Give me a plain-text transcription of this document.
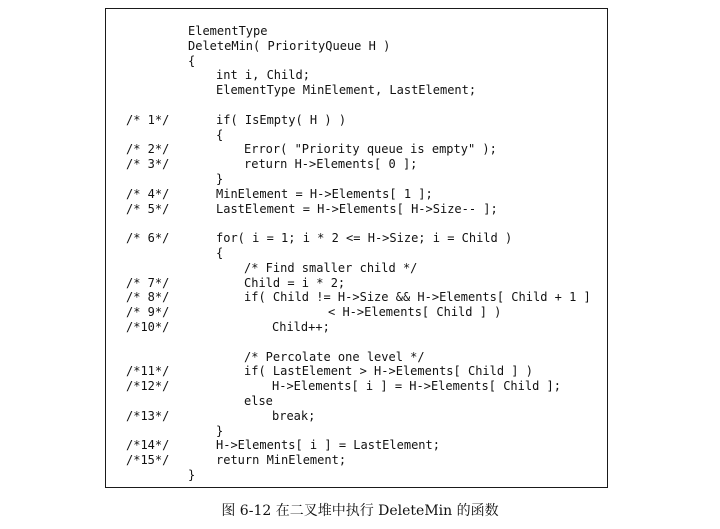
ElementType
DeleteMin( PriorityQueue H )
{
int i, Child;
ElementType MinElement, LastElement;
/* 1*/	if( IsEmpty( H ) )
{
/* 2*/	Error( "Priority queue is empty" );
/* 3*/	return H->Elements[ 0 ];
}
/* 4*/	MinElement = H->Elements[ 1 ];
/* 5*/	LastElement = H->Elements[ H->Size-- ];
/* 6*/	for( i = 1; i * 2 <= H->Size; i = Child )
{
/* Find smaller child */
/* 7*/	Child = i * 2;
/* 8*/	if( Child != H->Size && H->Elements[ Child + 1 ]
/* 9*/	< H->Elements[ Child ] )
/*10*/	Child++;
/* Percolate one level */
/*11*/	if( LastElement > H->Elements[ Child ] )
/*12*/	H->Elements[ i ] = H->Elements[ Child ];
else
/*13*/	break;
}
/*14*/	H->Elements[ i ] = LastElement;
/*15*/	return MinElement;
}
图 6-12 在二叉堆中执行 DeleteMin 的函数
